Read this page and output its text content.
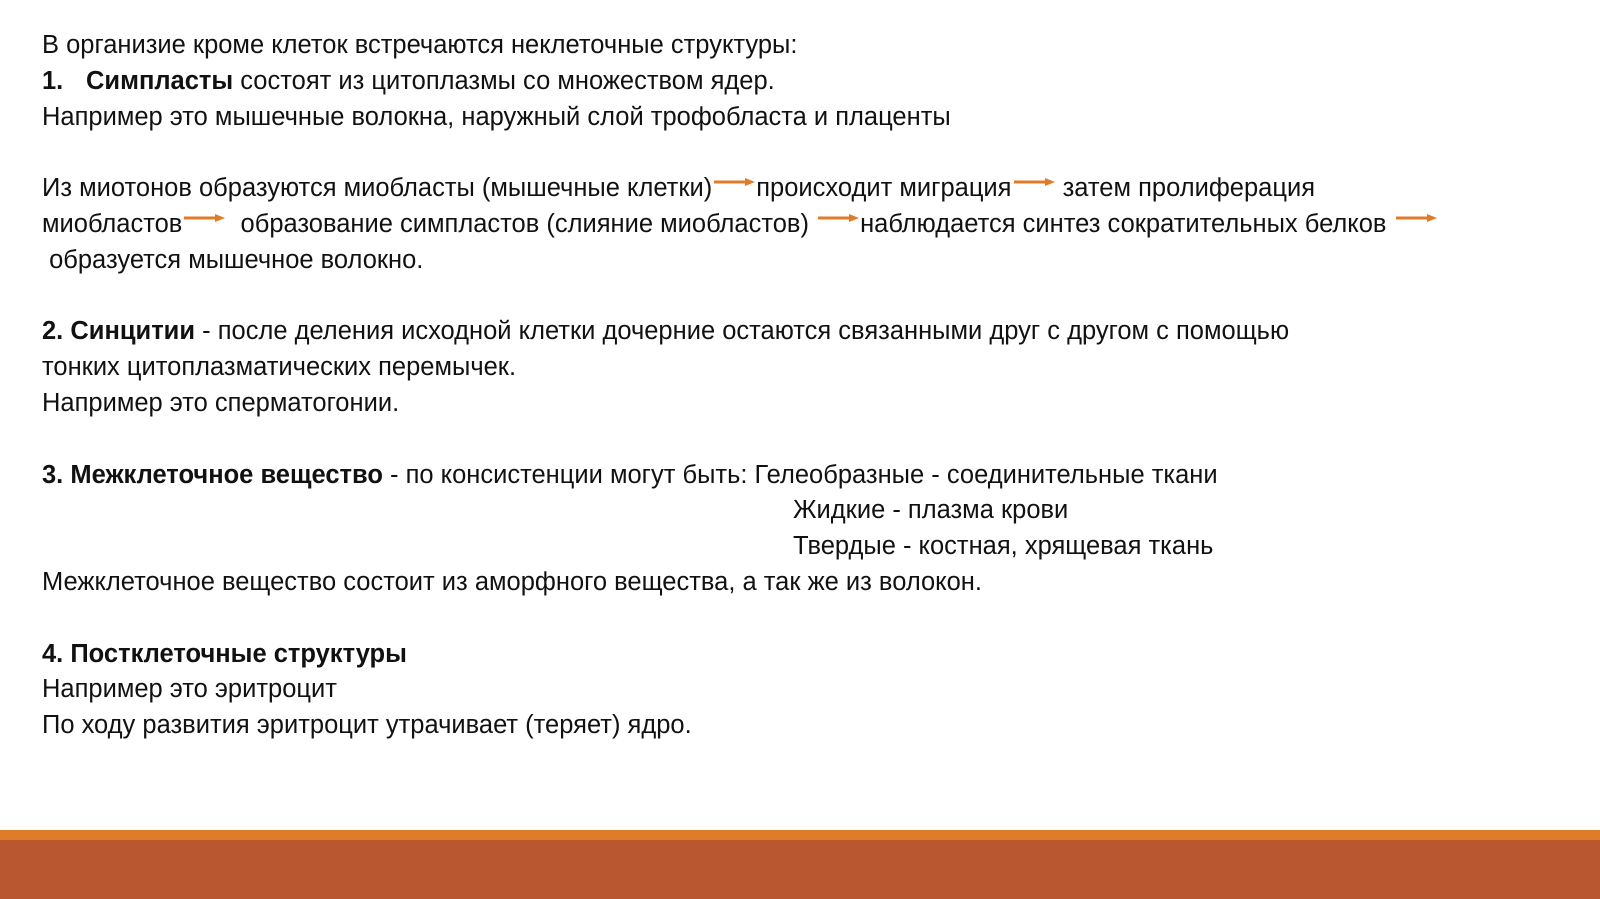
В организие кроме клеток встречаются неклеточные структуры:
1. Симпласты состоят из цитоплазмы со множеством ядер.
Например это мышечные волокна, наружный слой трофобласта и плаценты
Из миотонов образуются миобласты (мышечные клетки) происходит миграция
затем пролиферация
миобластов
образование симпластов (слияние миобластов)
наблюдается синтез сократительных белков
образуется мышечное волокно.
2. Синцитии - после деления исходной клетки дочерние остаются связанными друг с другом с помощью
тонких цитоплазматических перемычек.
Например это сперматогонии.
3. Межклеточное вещество - по консистенции могут быть: Гелеобразные - соединительные ткани
Жидкие - плазма крови
Твердые - костная, хрящевая ткань
Межклеточное вещество состоит из аморфного вещества, а так же из волокон.
4. Постклеточные структуры
Например это эритроцит
По ходу развития эритроцит утрачивает (теряет) ядро.
